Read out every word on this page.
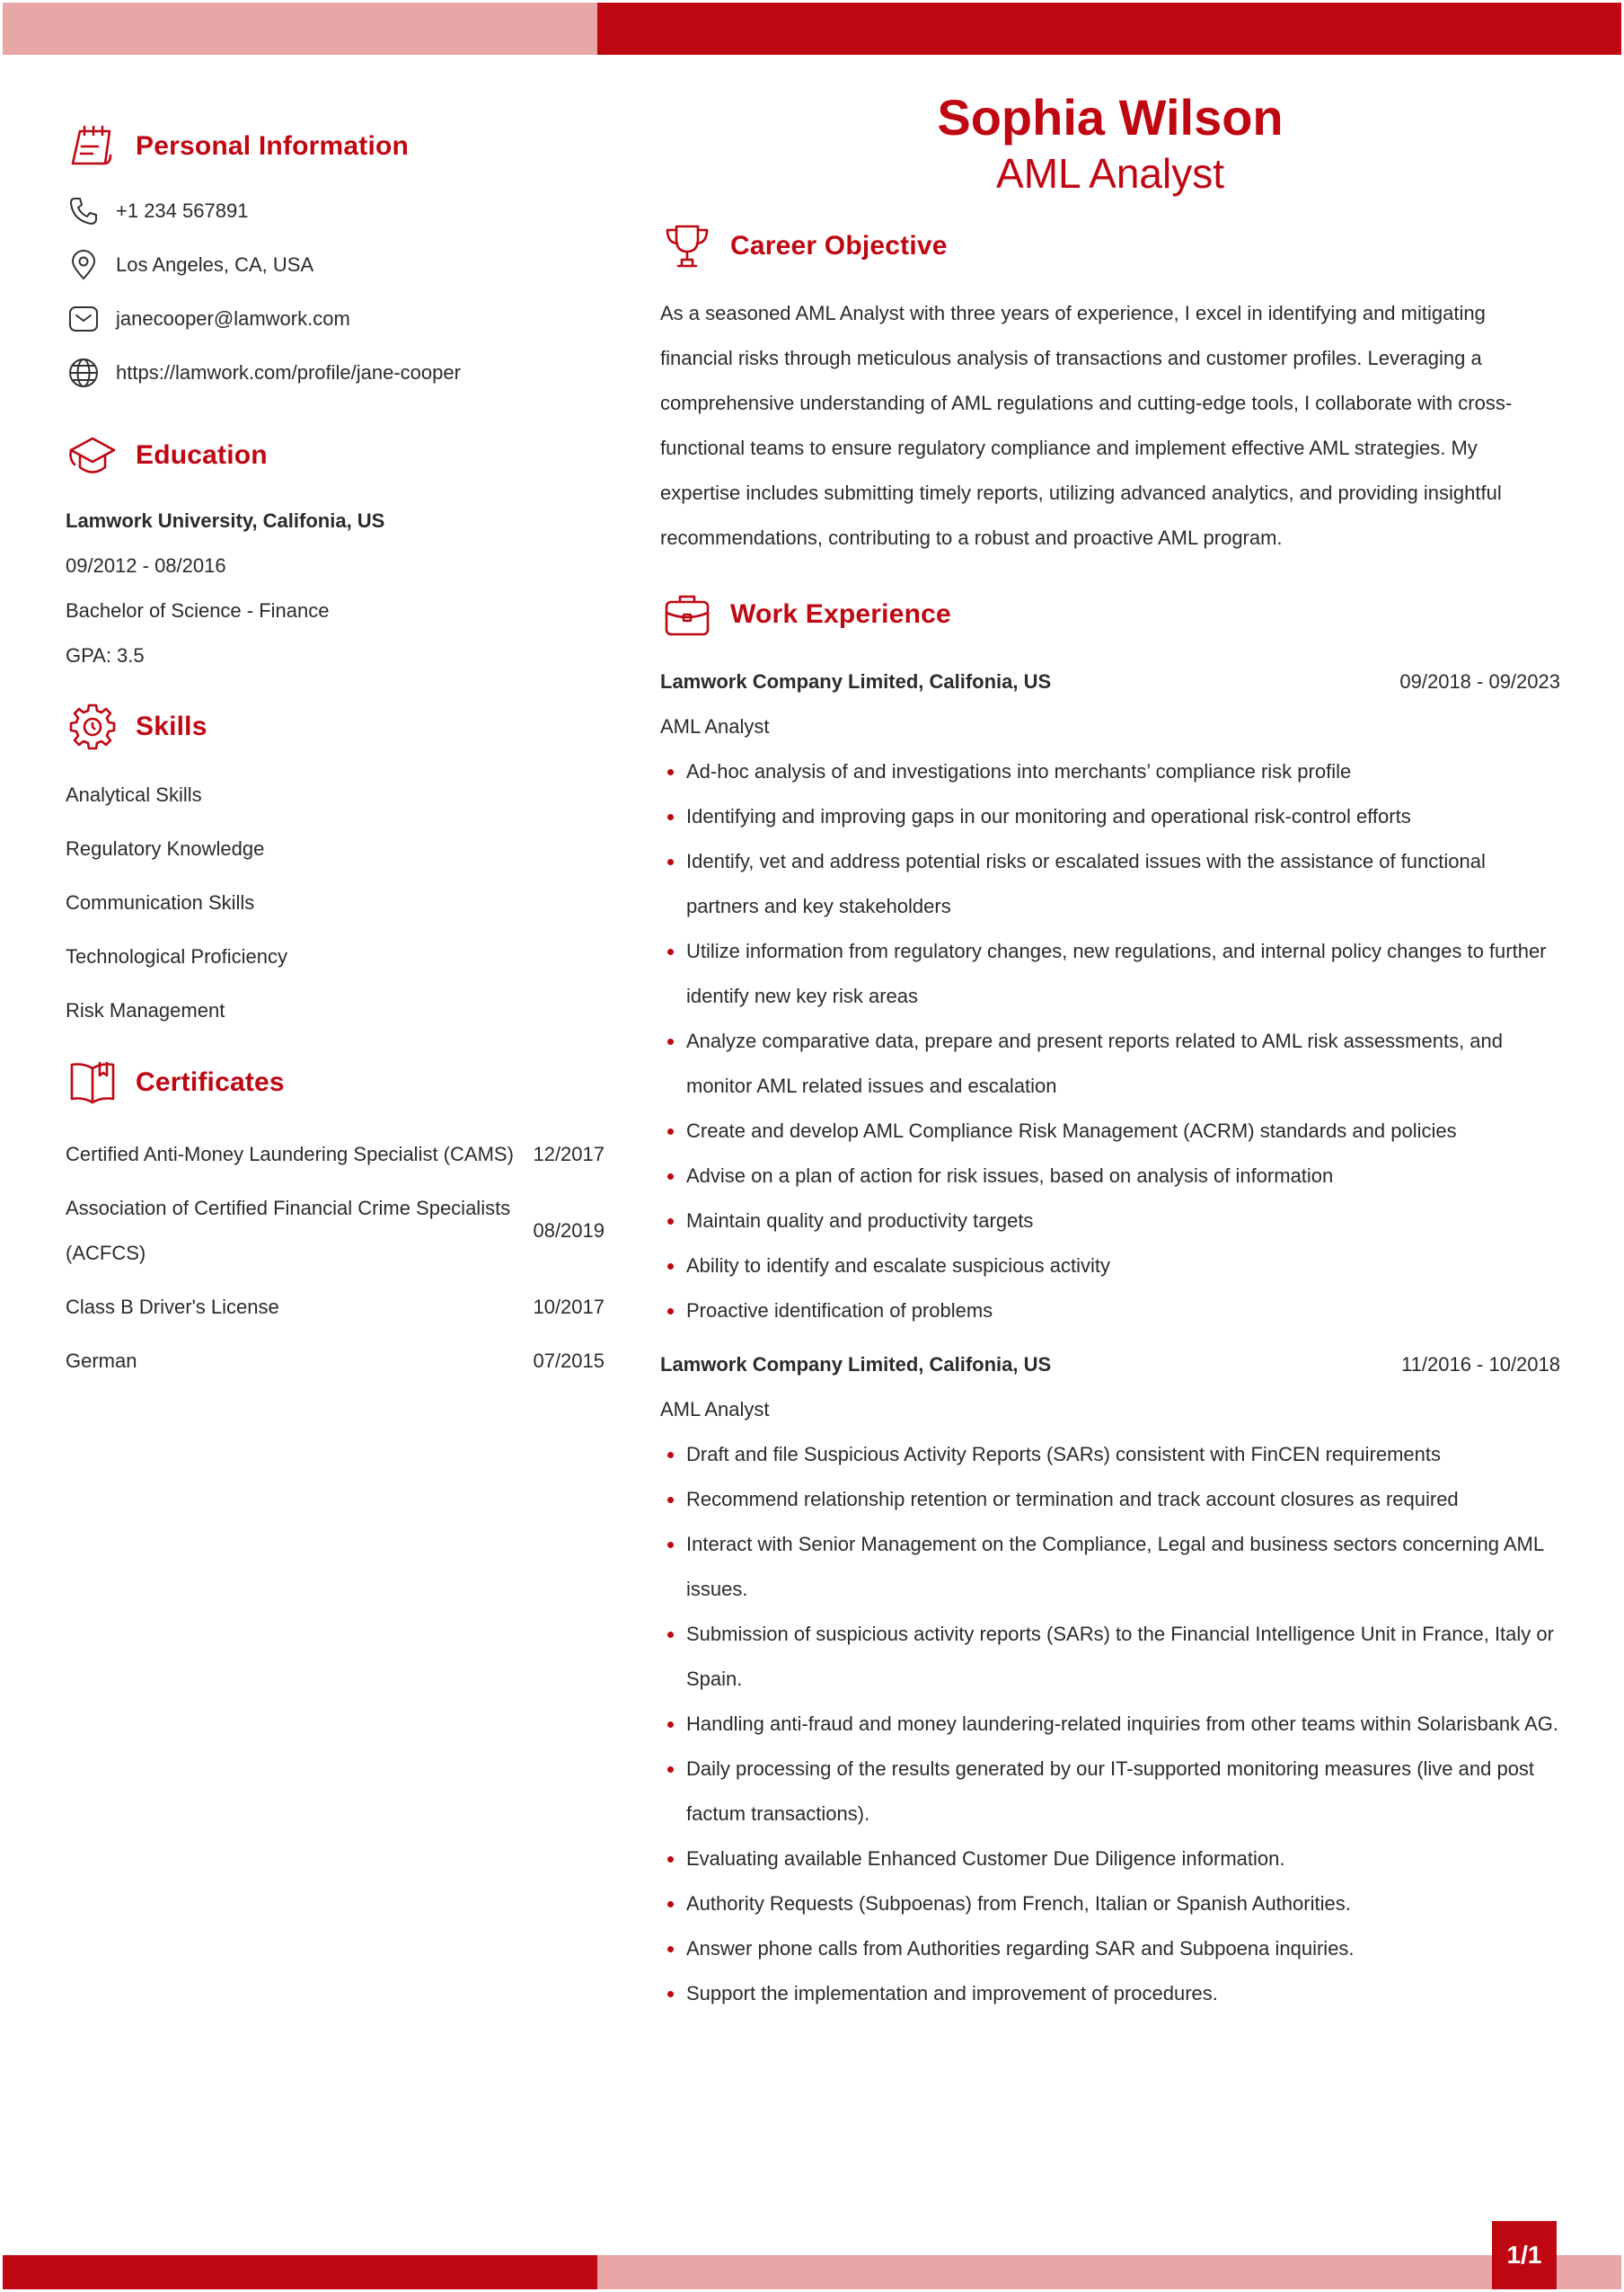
Personal Information
+1 234 567891
Los Angeles, CA, USA
janecooper@lamwork.com
https://lamwork.com/profile/jane-cooper
Education
Lamwork University, Califonia, US
09/2012 - 08/2016
Bachelor of Science - Finance
GPA: 3.5
Skills
Analytical Skills
Regulatory Knowledge
Communication Skills
Technological Proficiency
Risk Management
Certificates
Certified Anti-Money Laundering Specialist (CAMS) 12/2017
Association of Certified Financial Crime Specialists (ACFCS)
08/2019
Class B Driver's License	10/2017
German	07/2015
Sophia Wilson
AML Analyst
Career Objective

As a seasoned AML Analyst with three years of experience, I excel in identifying and mitigating financial risks through meticulous analysis of transactions and customer profiles. Leveraging a comprehensive understanding of AML regulations and cutting-edge tools, I collaborate with cross-functional teams to ensure regulatory compliance and implement effective AML strategies. My expertise includes submitting timely reports, utilizing advanced analytics, and providing insightful recommendations, contributing to a robust and proactive AML program.

Work Experience
Lamwork Company Limited, Califonia, US	09/2018 - 09/2023
AML Analyst
Ad-hoc analysis of and investigations into merchants’ compliance risk profile
Identifying and improving gaps in our monitoring and operational risk-control efforts
Identify, vet and address potential risks or escalated issues with the assistance of functional partners and key stakeholders
Utilize information from regulatory changes, new regulations, and internal policy changes to further identify new key risk areas
Analyze comparative data, prepare and present reports related to AML risk assessments, and monitor AML related issues and escalation
Create and develop AML Compliance Risk Management (ACRM) standards and policies
Advise on a plan of action for risk issues, based on analysis of information
Maintain quality and productivity targets
Ability to identify and escalate suspicious activity
Proactive identification of problems
Lamwork Company Limited, Califonia, US	11/2016 - 10/2018
AML Analyst
Draft and file Suspicious Activity Reports (SARs) consistent with FinCEN requirements
Recommend relationship retention or termination and track account closures as required
Interact with Senior Management on the Compliance, Legal and business sectors concerning AML issues.
Submission of suspicious activity reports (SARs) to the Financial Intelligence Unit in France, Italy or Spain.
Handling anti-fraud and money laundering-related inquiries from other teams within Solarisbank AG.
Daily processing of the results generated by our IT-supported monitoring measures (live and post factum transactions).
Evaluating available Enhanced Customer Due Diligence information.
Authority Requests (Subpoenas) from French, Italian or Spanish Authorities.
Answer phone calls from Authorities regarding SAR and Subpoena inquiries.
Support the implementation and improvement of procedures.
1/1
